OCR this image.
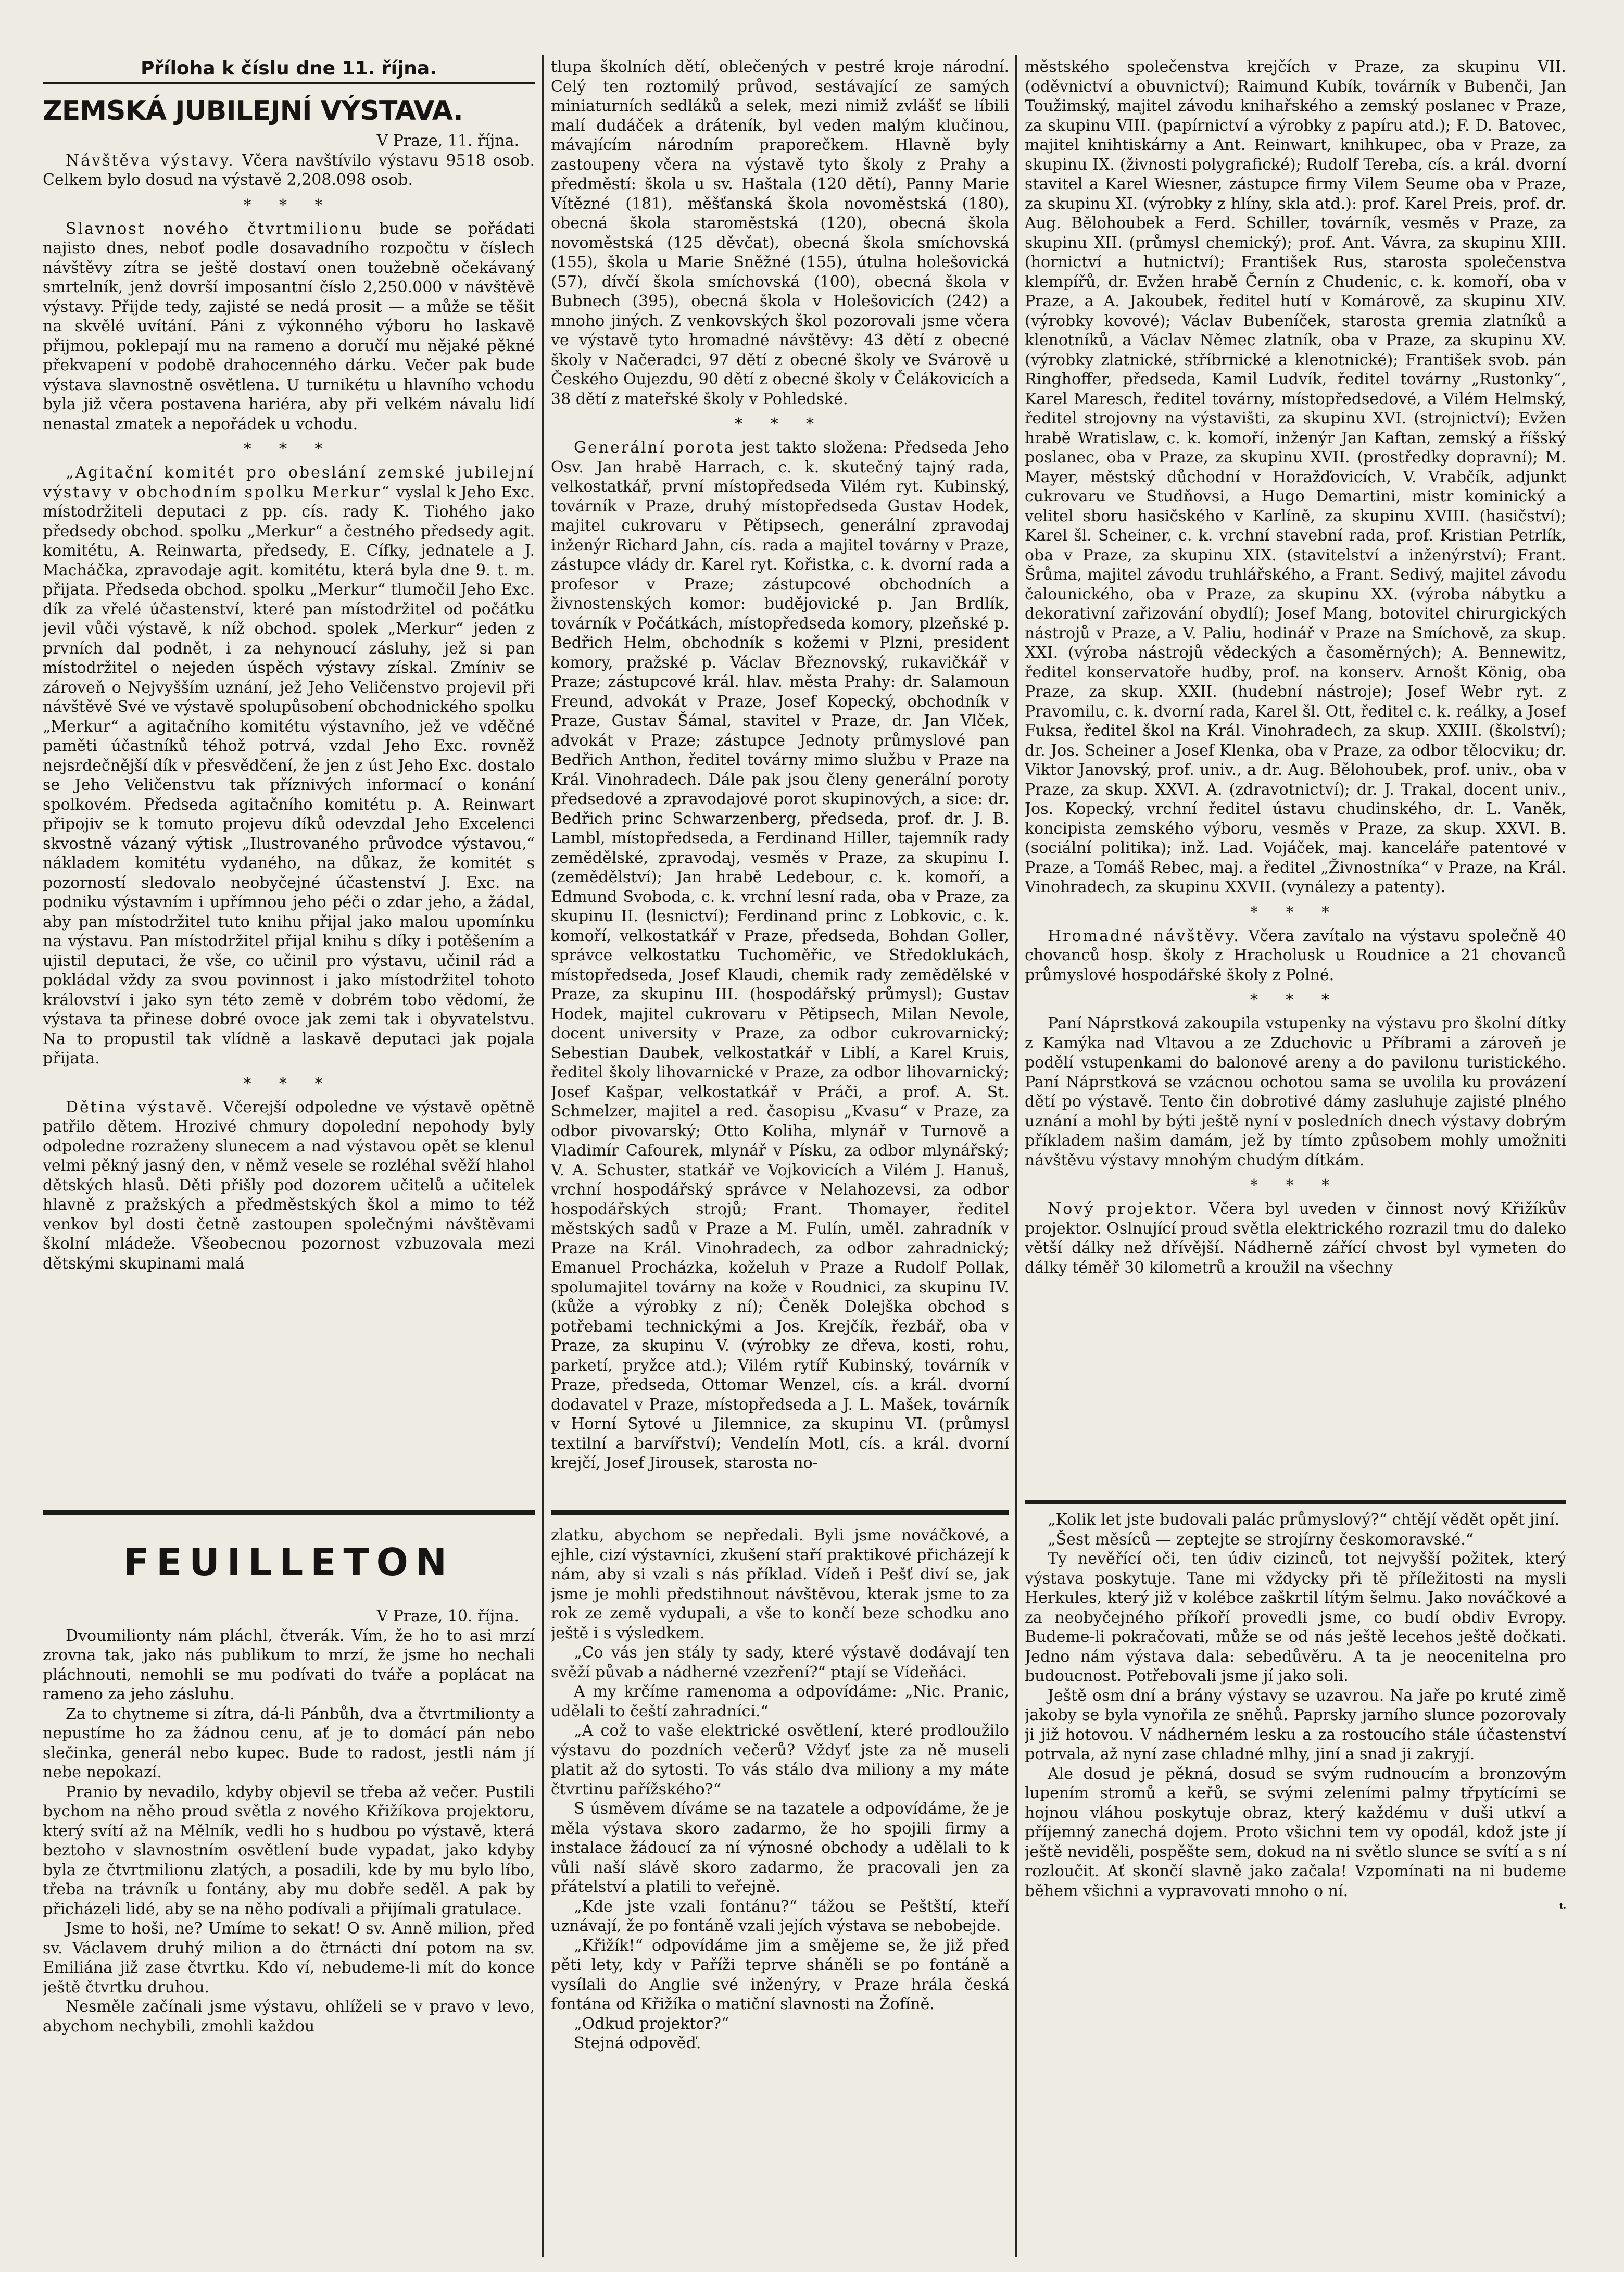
Příloha k číslu dne 11. října.
ZEMSKÁ JUBILEJNÍ VÝSTAVA.
V Praze, 11. října.

Návštěva výstavy. Včera navštívilo výstavu 9518 osob. Celkem bylo dosud na výstavě 2,208.098 osob.

* * *

Slavnost nového čtvrtmilionu bude se pořádati najisto dnes, neboť podle dosavadního rozpočtu v číslech návštěvy zítra se ještě dostaví onen toužebně očekávaný smrtelník, jenž dovrší imposantní číslo 2,250.000 v návštěvě výstavy. Přijde tedy, zajisté se nedá prosit — a může se těšit na skvělé uvítání. Páni z výkonného výboru ho laskavě přijmou, poklepají mu na rameno a doručí mu nějaké pěkné překvapení v podobě drahocenného dárku. Večer pak bude výstava slavnostně osvětlena. U turnikétu u hlavního vchodu byla již včera postavena hariéra, aby při velkém návalu lidí nenastal zmatek a nepořádek u vchodu.

* * *

„Agitační komitét pro obeslání zemské jubilejní výstavy v obchodním spolku Merkur“ vyslal k Jeho Exc. místodržiteli deputaci z pp. cís. rady K. Tiohého jako předsedy obchod. spolku „Merkur“ a čestného předsedy agit. komitétu, A. Reinwarta, předsedy, E. Cífky, jednatele a J. Macháčka, zpravodaje agit. komitétu, která byla dne 9. t. m. přijata. Předseda obchod. spolku „Merkur“ tlumočil Jeho Exc. dík za vřelé účastenství, které pan místodržitel od počátku jevil vůči výstavě, k níž obchod. spolek „Merkur“ jeden z prvních dal podnět, i za nehynoucí zásluhy, jež si pan místodržitel o nejeden úspěch výstavy získal. Zmíniv se zároveň o Nejvyšším uznání, jež Jeho Veličenstvo projevil při návštěvě Své ve výstavě spolupůsobení obchodnického spolku „Merkur“ a agitačního komitétu výstavního, jež ve vděčné paměti účastníků téhož potrvá, vzdal Jeho Exc. rovněž nejsrdečnější dík v přesvědčení, že jen z úst Jeho Exc. dostalo se Jeho Veličenstvu tak příznivých informací o konání spolkovém. Předseda agitačního komitétu p. A. Reinwart připojiv se k tomuto projevu díků odevzdal Jeho Excelenci skvostně vázaný výtisk „Ilustrovaného průvodce výstavou,“ nákladem komitétu vydaného, na důkaz, že komitét s pozorností sledovalo neobyčejné účastenství J. Exc. na podniku výstavním i upřímnou jeho péči o zdar jeho, a žádal, aby pan místodržitel tuto knihu přijal jako malou upomínku na výstavu. Pan místodržitel přijal knihu s díky i potěšením a ujistil deputaci, že vše, co učinil pro výstavu, učinil rád a pokládal vždy za svou povinnost i jako místodržitel tohoto království i jako syn této země v dobrém tobo vědomí, že výstava ta přinese dobré ovoce jak zemi tak i obyvatelstvu. Na to propustil tak vlídně a laskavě deputaci jak pojala přijata.

* * *

Dětina výstavě. Včerejší odpoledne ve výstavě opětně patřilo dětem. Hrozivé chmury dopolední nepohody byly odpoledne rozraženy slunecem a nad výstavou opět se klenul velmi pěkný jasný den, v němž vesele se rozléhal svěží hlahol dětských hlasů. Děti přišly pod dozorem učitelů a učitelek hlavně z pražských a předměstských škol a mimo to též venkov byl dosti četně zastoupen společnými návštěvami školní mládeže. Všeobecnou pozornost vzbuzovala mezi dětskými skupinami malá

tlupa školních dětí, oblečených v pestré kroje národní. Celý ten roztomilý průvod, sestávající ze samých miniaturních sedláků a selek, mezi nimiž zvlášť se líbili malí dudáček a dráteník, byl veden malým klučinou, mávajícím národním praporečkem. Hlavně byly zastoupeny včera na výstavě tyto školy z Prahy a předměstí: škola u sv. Haštala (120 dětí), Panny Marie Vítězné (181), měšťanská škola novoměstská (180), obecná škola staroměstská (120), obecná škola novoměstská (125 děvčat), obecná škola smíchovská (155), škola u Marie Sněžné (155), útulna holešovická (57), dívčí škola smíchovská (100), obecná škola v Bubnech (395), obecná škola v Holešovicích (242) a mnoho jiných. Z venkovských škol pozorovali jsme včera ve výstavě tyto hromadné návštěvy: 43 dětí z obecné školy v Načeradci, 97 dětí z obecné školy ve Svárově u Českého Oujezdu, 90 dětí z obecné školy v Čelákovicích a 38 dětí z mateřské školy v Pohledské.

* * *

Generální porota jest takto složena: Předseda Jeho Osv. Jan hrabě Harrach, c. k. skutečný tajný rada, velkostatkář, první místopředseda Vilém ryt. Kubinský, továrník v Praze, druhý místopředseda Gustav Hodek, majitel cukrovaru v Pětipsech, generální zpravodaj inženýr Richard Jahn, cís. rada a majitel továrny v Praze, zástupce vlády dr. Karel ryt. Kořistka, c. k. dvorní rada a profesor v Praze; zástupcové obchodních a živnostenských komor: budějovické p. Jan Brdlík, továrník v Počátkách, místopředseda komory, plzeňské p. Bedřich Helm, obchodník s kožemi v Plzni, president komory, pražské p. Václav Březnovský, rukavičkář v Praze; zástupcové král. hlav. města Prahy: dr. Salamoun Freund, advokát v Praze, Josef Kopecký, obchodník v Praze, Gustav Šámal, stavitel v Praze, dr. Jan Vlček, advokát v Praze; zástupce Jednoty průmyslové pan Bedřich Anthon, ředitel továrny mimo službu v Praze na Král. Vinohradech. Dále pak jsou členy generální poroty předsedové a zpravodajové porot skupinových, a sice: dr. Bedřich princ Schwarzenberg, předseda, prof. dr. J. B. Lambl, místopředseda, a Ferdinand Hiller, tajemník rady zemědělské, zpravodaj, vesměs v Praze, za skupinu I. (zemědělství); Jan hrabě Ledebour, c. k. komoří, a Edmund Svoboda, c. k. vrchní lesní rada, oba v Praze, za skupinu II. (lesnictví); Ferdinand princ z Lobkovic, c. k. komoří, velkostatkář v Praze, předseda, Bohdan Goller, správce velkostatku Tuchoměřic, ve Středoklukách, místopředseda, Josef Klaudi, chemik rady zemědělské v Praze, za skupinu III. (hospodářský průmysl); Gustav Hodek, majitel cukrovaru v Pětipsech, Milan Nevole, docent university v Praze, za odbor cukrovarnický; Sebestian Daubek, velkostatkář v Liblí, a Karel Kruis, ředitel školy lihovarnické v Praze, za odbor lihovarnický; Josef Kašpar, velkostatkář v Práči, a prof. A. St. Schmelzer, majitel a red. časopisu „Kvasu“ v Praze, za odbor pivovarský; Otto Koliha, mlynář v Turnově a Vladimír Cafourek, mlynář v Písku, za odbor mlynářský; V. A. Schuster, statkář ve Vojkovicích a Vilém J. Hanuš, vrchní hospodářský správce v Nelahozevsi, za odbor hospodářských strojů; Frant. Thomayer, ředitel městských sadů v Praze a M. Fulín, uměl. zahradník v Praze na Král. Vinohradech, za odbor zahradnický; Emanuel Procházka, koželuh v Praze a Rudolf Pollak, spolumajitel továrny na kože v Roudnici, za skupinu IV. (kůže a výrobky z ní); Čeněk Dolejška obchod s potřebami technickými a Jos. Krejčík, řezbář, oba v Praze, za skupinu V. (výrobky ze dřeva, kosti, rohu, parketí, pryžce atd.); Vilém rytíř Kubinský, továrník v Praze, předseda, Ottomar Wenzel, cís. a král. dvorní dodavatel v Praze, místopředseda a J. L. Mašek, továrník v Horní Sytové u Jilemnice, za skupinu VI. (průmysl textilní a barvířství); Vendelín Motl, cís. a král. dvorní krejčí, Josef Jirousek, starosta no-

městského společenstva krejčích v Praze, za skupinu VII. (oděvnictví a obuvnictví); Raimund Kubík, továrník v Bubenči, Jan Toužimský, majitel závodu knihařského a zemský poslanec v Praze, za skupinu VIII. (papírnictví a výrobky z papíru atd.); F. D. Batovec, majitel knihtiskárny a Ant. Reinwart, knihkupec, oba v Praze, za skupinu IX. (živnosti polygrafické); Rudolf Tereba, cís. a král. dvorní stavitel a Karel Wiesner, zástupce firmy Vilem Seume oba v Praze, za skupinu XI. (výrobky z hlíny, skla atd.): prof. Karel Preis, prof. dr. Aug. Bělohoubek a Ferd. Schiller, továrník, vesměs v Praze, za skupinu XII. (průmysl chemický); prof. Ant. Vávra, za skupinu XIII. (hornictví a hutnictví); František Rus, starosta společenstva klempířů, dr. Evžen hrabě Černín z Chudenic, c. k. komoří, oba v Praze, a A. Jakoubek, ředitel hutí v Komárově, za skupinu XIV. (výrobky kovové); Václav Bubeníček, starosta gremia zlatníků a klenotníků, a Václav Němec zlatník, oba v Praze, za skupinu XV. (výrobky zlatnické, stříbrnické a klenotnické); František svob. pán Ringhoffer, předseda, Kamil Ludvík, ředitel továrny „Rustonky“, Karel Maresch, ředitel továrny, místopředsedové, a Vilém Helmský, ředitel strojovny na výstavišti, za skupinu XVI. (strojnictví); Evžen hrabě Wratislaw, c. k. komoří, inženýr Jan Kaftan, zemský a říšský poslanec, oba v Praze, za skupinu XVII. (prostředky dopravní); M. Mayer, městský důchodní v Horažďovicích, V. Vrabčík, adjunkt cukrovaru ve Studňovsi, a Hugo Demartini, mistr kominický a velitel sboru hasičského v Karlíně, za skupinu XVIII. (hasičství); Karel šl. Scheiner, c. k. vrchní stavební rada, prof. Kristian Petrlík, oba v Praze, za skupinu XIX. (stavitelství a inženýrství); Frant. Šrůma, majitel závodu truhlářského, a Frant. Sedivý, majitel závodu čalounického, oba v Praze, za skupinu XX. (výroba nábytku a dekorativní zařizování obydlí); Josef Mang, botovitel chirurgických nástrojů v Praze, a V. Paliu, hodinář v Praze na Smíchově, za skup. XXI. (výroba nástrojů vědeckých a časoměrných); A. Bennewitz, ředitel konservatoře hudby, prof. na konserv. Arnošt König, oba Praze, za skup. XXII. (hudební nástroje); Josef Webr ryt. z Pravomilu, c. k. dvorní rada, Karel šl. Ott, ředitel c. k. reálky, a Josef Fuksa, ředitel škol na Král. Vinohradech, za skup. XXIII. (školství); dr. Jos. Scheiner a Josef Klenka, oba v Praze, za odbor tělocviku; dr. Viktor Janovský, prof. univ., a dr. Aug. Bělohoubek, prof. univ., oba v Praze, za skup. XXVI. A. (zdravotnictví); dr. J. Trakal, docent univ., Jos. Kopecký, vrchní ředitel ústavu chudinského, dr. L. Vaněk, koncipista zemského výboru, vesměs v Praze, za skup. XXVI. B. (sociální politika); inž. Lad. Vojáček, maj. kanceláře patentové v Praze, a Tomáš Rebec, maj. a ředitel „Živnostníka“ v Praze, na Král. Vinohradech, za skupinu XXVII. (vynálezy a patenty).

* * *

Hromadné návštěvy. Včera zavítalo na výstavu společně 40 chovanců hosp. školy z Hracholusk u Roudnice a 21 chovanců průmyslové hospodářské školy z Polné.

* * *

Paní Náprstková zakoupila vstupenky na výstavu pro školní dítky z Kamýka nad Vltavou a ze Zduchovic u Příbrami a zároveň je podělí vstupenkami do balonové areny a do pavilonu turistického. Paní Náprstková se vzácnou ochotou sama se uvolila ku provázení dětí po výstavě. Tento čin dobrotivé dámy zasluhuje zajisté plného uznání a mohl by býti ještě nyní v posledních dnech výstavy dobrým příkladem našim damám, jež by tímto způsobem mohly umožniti návštěvu výstavy mnohým chudým dítkám.

* * *

Nový projektor. Včera byl uveden v činnost nový Křižíkův projektor. Oslnující proud světla elektrického rozrazil tmu do daleko větší dálky než dřívější. Nádherně zářící chvost byl vymeten do dálky téměř 30 kilometrů a kroužil na všechny

FEUILLETON
V Praze, 10. října.

Dvoumilionty nám pláchl, čtverák. Vím, že ho to asi mrzí zrovna tak, jako nás publikum to mrzí, že jsme ho nechali pláchnouti, nemohli se mu podívati do tváře a poplácat na rameno za jeho zásluhu.

Za to chytneme si zítra, dá-li Pánbůh, dva a čtvrtmilionty a nepustíme ho za žádnou cenu, ať je to domácí pán nebo slečinka, generál nebo kupec. Bude to radost, jestli nám jí nebe nepokazí.

Pranio by nevadilo, kdyby objevil se třeba až večer. Pustili bychom na něho proud světla z nového Křižíkova projektoru, který svítí až na Mělník, vedli ho s hudbou po výstavě, která beztoho v slavnostním osvětlení bude vypadat, jako kdyby byla ze čtvrtmilionu zlatých, a posadili, kde by mu bylo líbo, třeba na trávník u fontány, aby mu dobře seděl. A pak by přicházeli lidé, aby se na něho podívali a přijímali gratulace.

Jsme to hoši, ne? Umíme to sekat! O sv. Anně milion, před sv. Václavem druhý milion a do čtrnácti dní potom na sv. Emiliána již zase čtvrtku. Kdo ví, nebudeme-li mít do konce ještě čtvrtku druhou.

Nesměle začínali jsme výstavu, ohlíželi se v pravo v levo, abychom nechybili, zmohli každou

zlatku, abychom se nepředali. Byli jsme nováčkové, a ejhle, cizí výstavníci, zkušení staří praktikové přicházejí k nám, aby si vzali s nás příklad. Vídeň i Pešť diví se, jak jsme je mohli předstihnout návštěvou, kterak jsme to za rok ze země vydupali, a vše to končí beze schodku ano ještě i s výsledkem.

„Co vás jen stály ty sady, které výstavě dodávají ten svěží půvab a nádherné vzezření?“ ptají se Vídeňáci.

A my krčíme ramenoma a odpovídáme: „Nic. Pranic, udělali to čeští zahradníci.“

„A což to vaše elektrické osvětlení, které prodloužilo výstavu do pozdních večerů? Vždyť jste za ně museli platit až do sytosti. To vás stálo dva miliony a my máte čtvrtinu pařížského?“

S úsměvem díváme se na tazatele a odpovídáme, že je měla výstava skoro zadarmo, že ho spojili firmy a instalace žádoucí za ní výnosné obchody a udělali to k vůli naší slávě skoro zadarmo, že pracovali jen za přátelství a platili to veřejně.

„Kde jste vzali fontánu?“ tážou se Peštští, kteří uznávají, že po fontáně vzali jejích výstava se nebobejde.

„Křižík!“ odpovídáme jim a smějeme se, že již před pěti lety, kdy v Paříži teprve sháněli se po fontáně a vysílali do Anglie své inženýry, v Praze hrála česká fontána od Křižíka o matiční slavnosti na Žofíně.

„Odkud projektor?“

Stejná odpověď.

„Kolik let jste budovali palác průmyslový?“ chtějí vědět opět jiní.

„Šest měsíců — zeptejte se strojírny českomoravské.“

Ty nevěřící oči, ten údiv cizinců, tot nejvyšší požitek, který výstava poskytuje. Tane mi vždycky při tě příležitosti na mysli Herkules, který již v kolébce zaškrtil lítým šelmu. Jako nováčkové a za neobyčejného příkoří provedli jsme, co budí obdiv Evropy. Budeme-li pokračovati, může se od nás ještě lecehos ještě dočkati. Jedno nám výstava dala: sebedůvěru. A ta je neocenitelna pro budoucnost. Potřebovali jsme jí jako soli.

Ještě osm dní a brány výstavy se uzavrou. Na jaře po kruté zimě jakoby se byla vynořila ze sněhů. Paprsky jarního slunce pozorovaly ji již hotovou. V nádherném lesku a za rostoucího stále účastenství potrvala, až nyní zase chladné mlhy, jiní a snad ji zakryjí.

Ale dosud je pěkná, dosud se svým rudnoucím a bronzovým lupením stromů a keřů, se svými zeleními palmy třpytícími se hojnou vláhou poskytuje obraz, který každému v duši utkví a příjemný zanechá dojem. Proto všichni tem vy opodál, kdož jste jí ještě neviděli, pospěšte sem, dokud na ni světlo slunce se svítí a s ní rozloučit. Ať skončí slavně jako začala! Vzpomínati na ni budeme během všichni a vypravovati mnoho o ní.

t.
